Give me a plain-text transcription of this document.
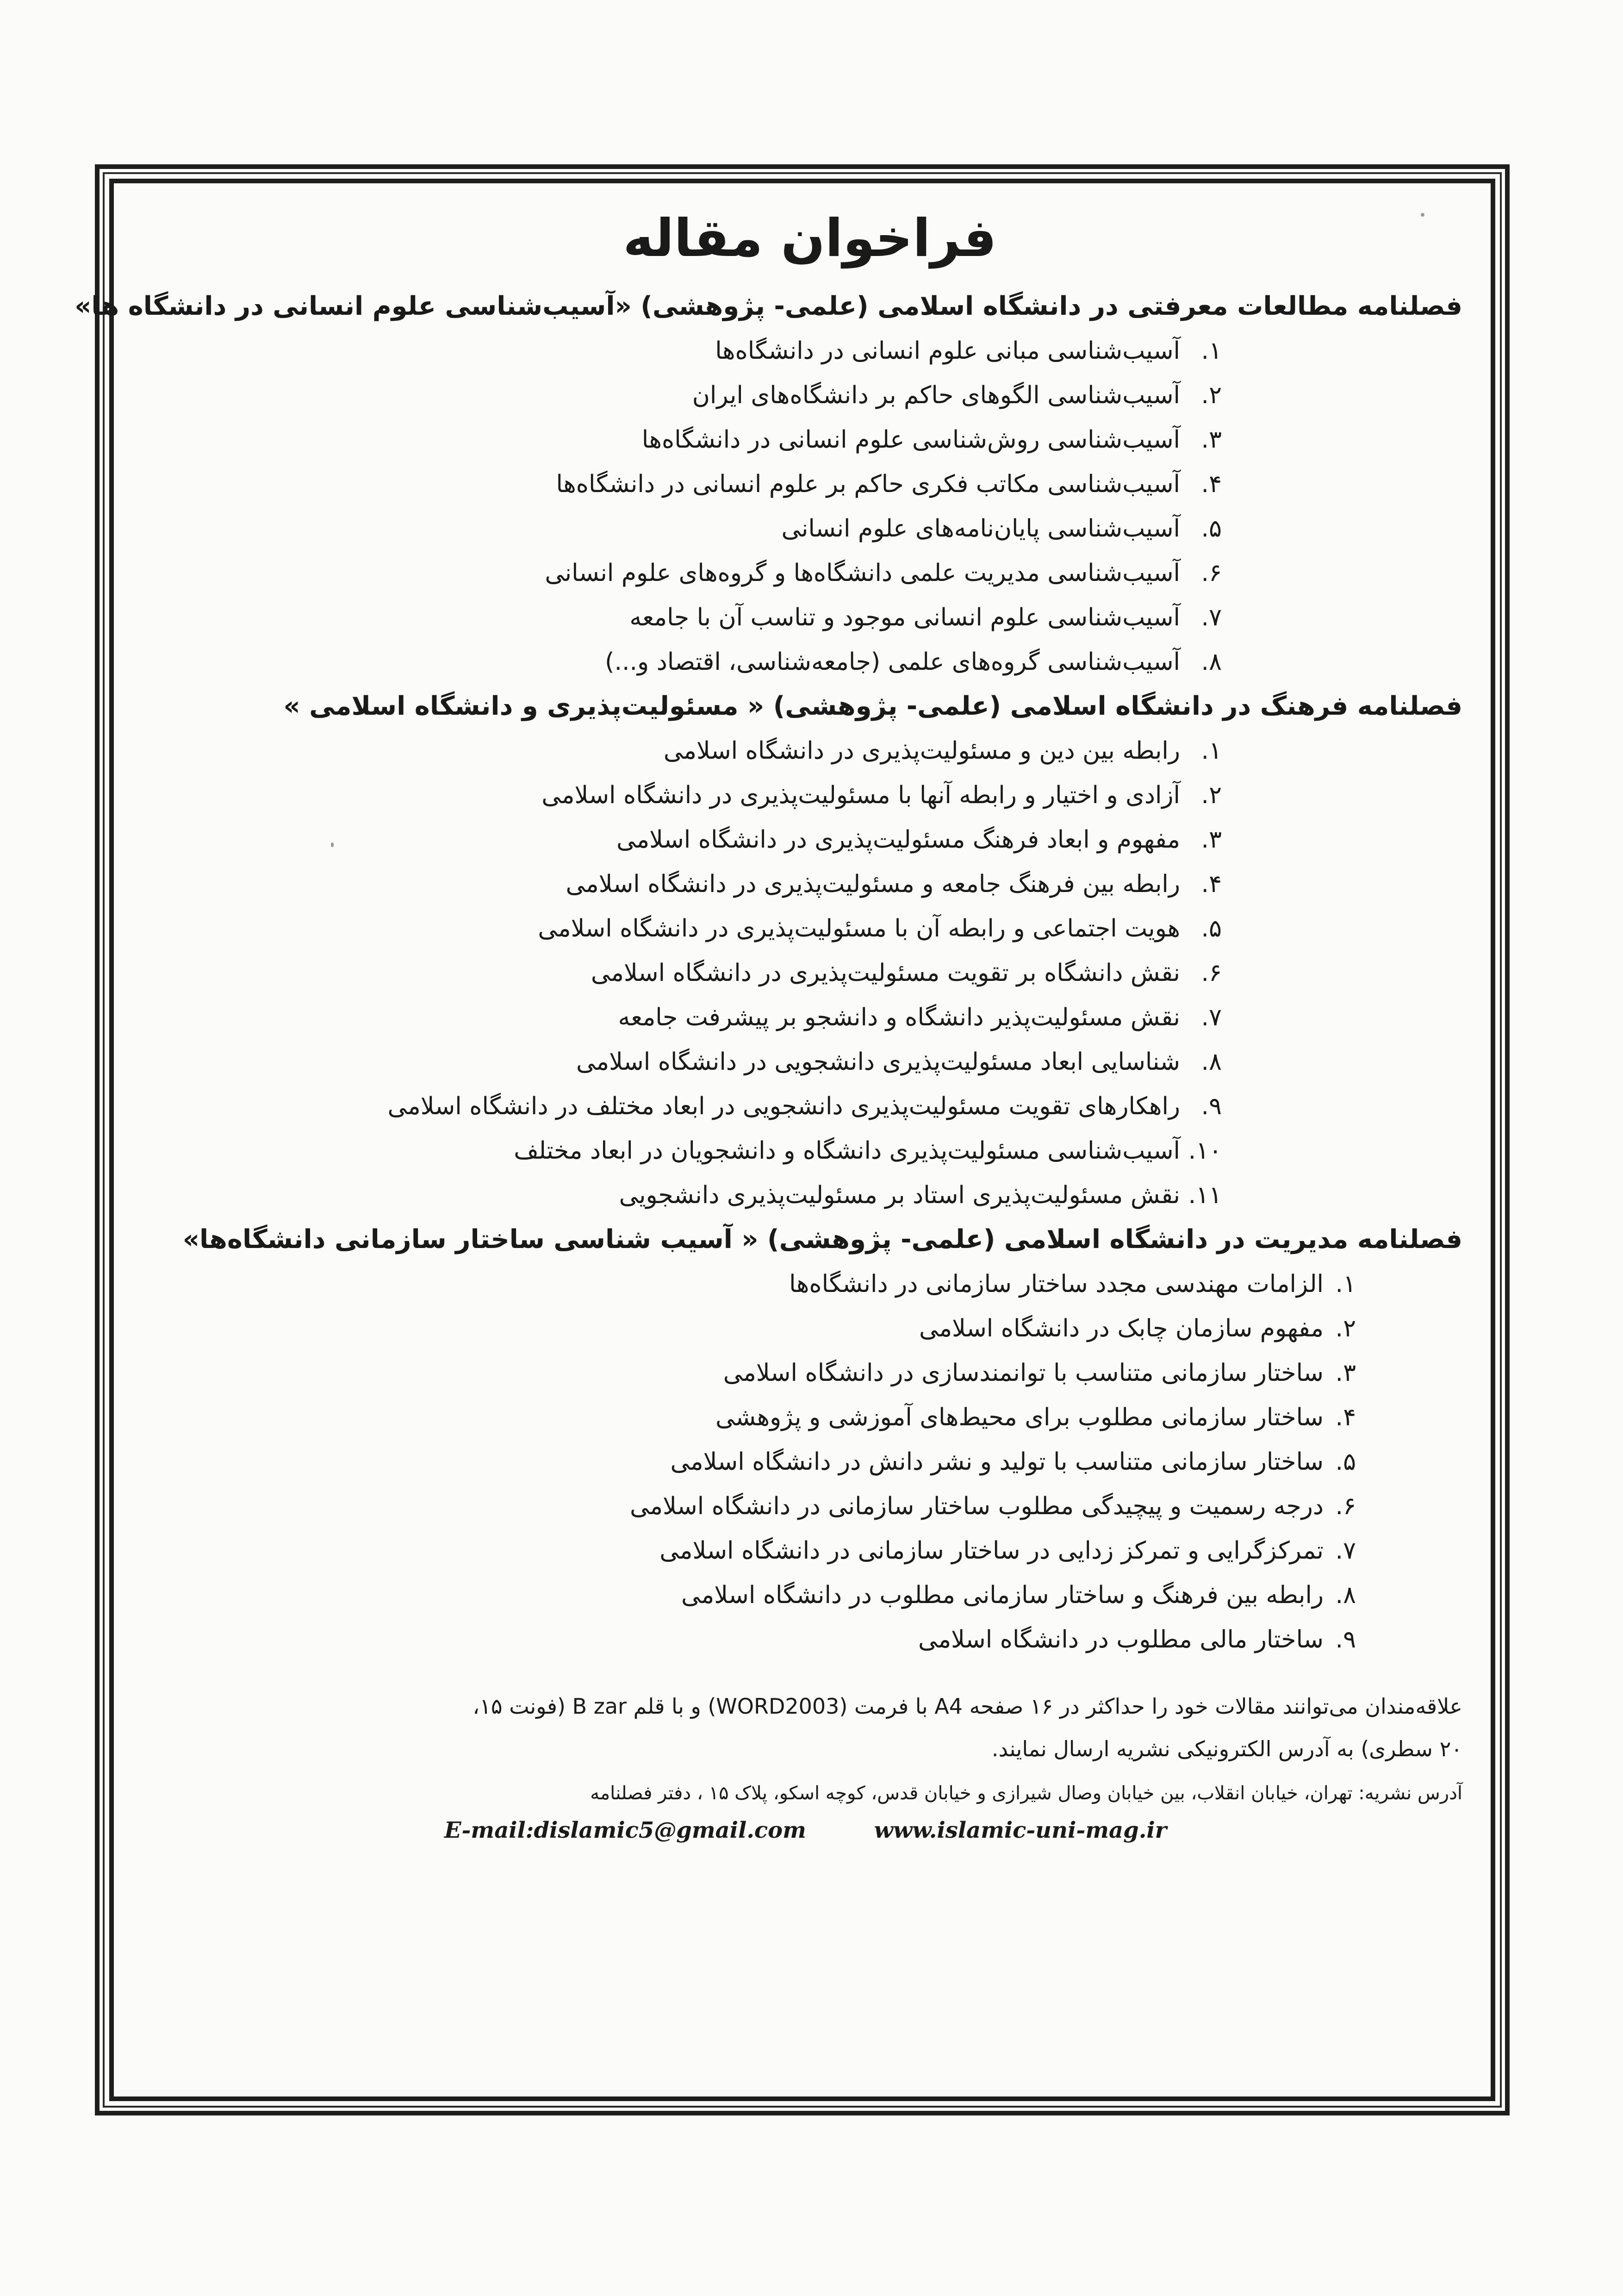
فراخوان مقاله
فصلنامه مطالعات معرفتی در دانشگاه اسلامی (علمی- پژوهشی) «آسیب‌شناسی علوم انسانی در دانشگاه ها»
۱.آسیب‌شناسی مبانی علوم انسانی در دانشگاه‌ها
۲.آسیب‌شناسی الگوهای حاکم بر دانشگاه‌های ایران
۳.آسیب‌شناسی روش‌شناسی علوم انسانی در دانشگاه‌ها
۴.آسیب‌شناسی مکاتب فکری حاکم بر علوم انسانی در دانشگاه‌ها
۵.آسیب‌شناسی پایان‌نامه‌های علوم انسانی
۶.آسیب‌شناسی مدیریت علمی دانشگاه‌ها و گروه‌های علوم انسانی
۷.آسیب‌شناسی علوم انسانی موجود و تناسب آن با جامعه
۸.آسیب‌شناسی گروه‌های علمی (جامعه‌شناسی، اقتصاد و...)
فصلنامه فرهنگ در دانشگاه اسلامی (علمی- پژوهشی) « مسئولیت‌پذیری و دانشگاه اسلامی »
۱.رابطه بین دین و مسئولیت‌پذیری در دانشگاه اسلامی
۲.آزادی و اختیار و رابطه آنها با مسئولیت‌پذیری در دانشگاه اسلامی
۳.مفهوم و ابعاد فرهنگ مسئولیت‌پذیری در دانشگاه اسلامی
۴.رابطه بین فرهنگ جامعه و مسئولیت‌پذیری در دانشگاه اسلامی
۵.هویت اجتماعی و رابطه آن با مسئولیت‌پذیری در دانشگاه اسلامی
۶.نقش دانشگاه بر تقویت مسئولیت‌پذیری در دانشگاه اسلامی
۷.نقش مسئولیت‌پذیر دانشگاه و دانشجو بر پیشرفت جامعه
۸.شناسایی ابعاد مسئولیت‌پذیری دانشجویی در دانشگاه اسلامی
۹.راهکارهای تقویت مسئولیت‌پذیری دانشجویی در ابعاد مختلف در دانشگاه اسلامی
۱۰.آسیب‌شناسی مسئولیت‌پذیری دانشگاه و دانشجویان در ابعاد مختلف
۱۱.نقش مسئولیت‌پذیری استاد بر مسئولیت‌پذیری دانشجویی
فصلنامه مدیریت در دانشگاه اسلامی (علمی- پژوهشی) « آسیب شناسی ساختار سازمانی دانشگاه‌ها»
۱.الزامات مهندسی مجدد ساختار سازمانی در دانشگاه‌ها
۲.مفهوم سازمان چابک در دانشگاه اسلامی
۳.ساختار سازمانی متناسب با توانمندسازی در دانشگاه اسلامی
۴.ساختار سازمانی مطلوب برای محیط‌های آموزشی و پژوهشی
۵.ساختار سازمانی متناسب با تولید و نشر دانش در دانشگاه اسلامی
۶.درجه رسمیت و پیچیدگی مطلوب ساختار سازمانی در دانشگاه اسلامی
۷.تمرکزگرایی و تمرکز زدایی در ساختار سازمانی در دانشگاه اسلامی
۸.رابطه بین فرهنگ و ساختار سازمانی مطلوب در دانشگاه اسلامی
۹.ساختار مالی مطلوب در دانشگاه اسلامی
علاقه‌مندان می‌توانند مقالات خود را حداکثر در ۱۶ صفحه A4 با فرمت (WORD2003) و با قلم B zar (فونت ۱۵،
۲۰ سطری) به آدرس الکترونیکی نشریه ارسال نمایند.
آدرس نشریه: تهران، خیابان انقلاب، بین خیابان وصال شیرازی و خیابان قدس، کوچه اسکو، پلاک ۱۵ ، دفتر فصلنامه
E-mail:dislamic5@gmail.com	www.islamic-uni-mag.ir
